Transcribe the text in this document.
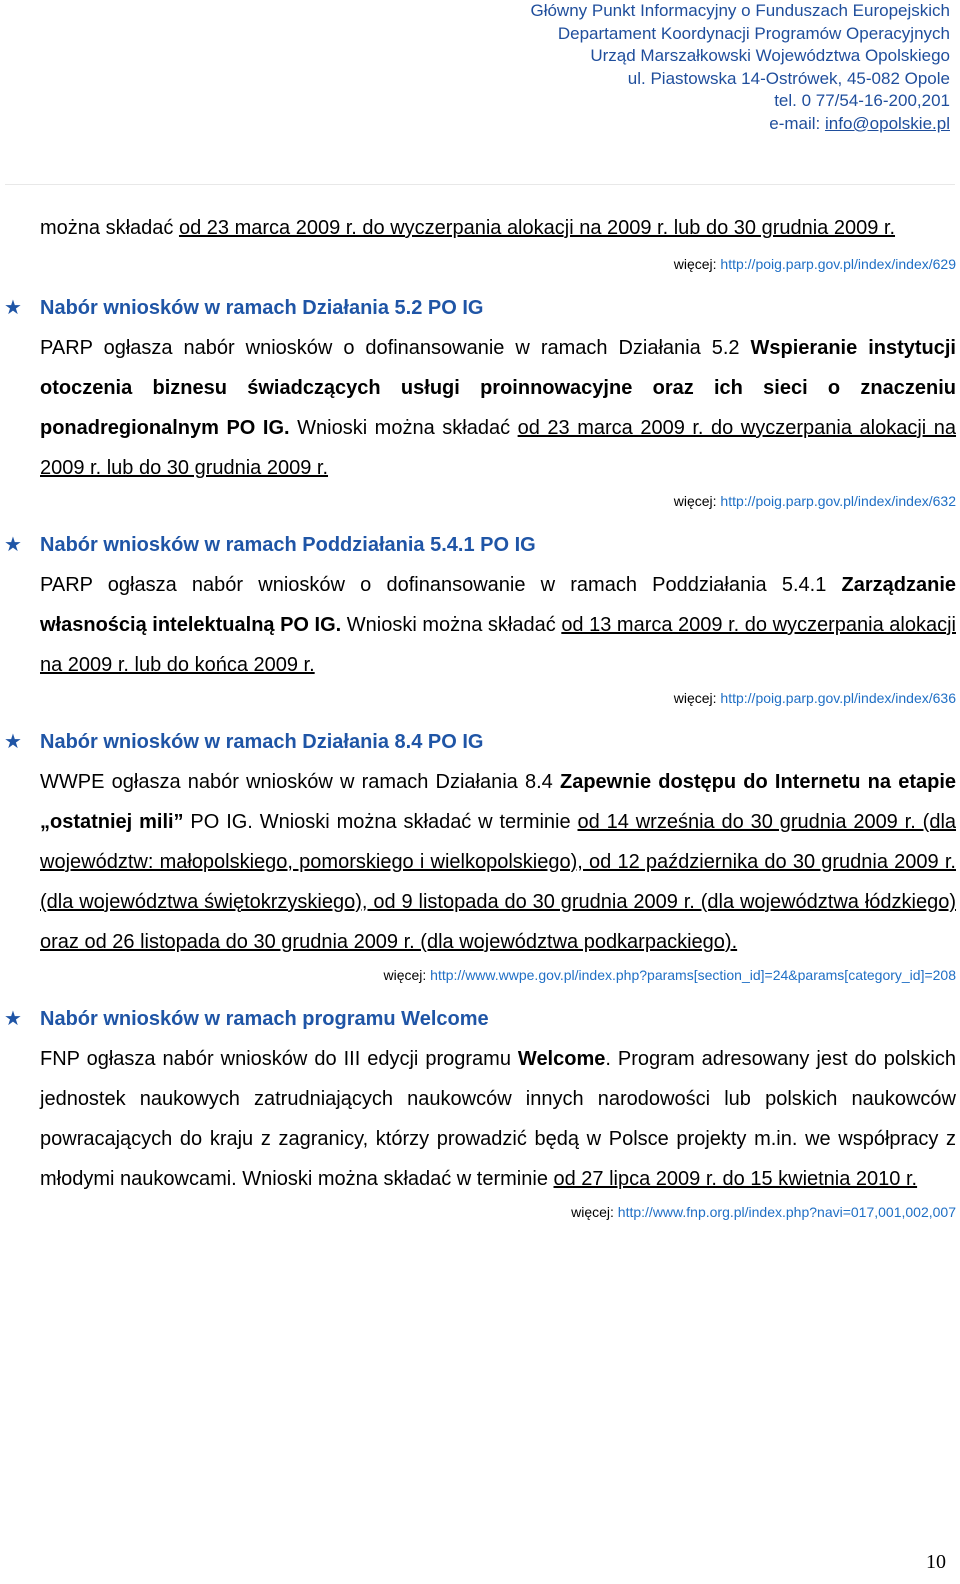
Główny Punkt Informacyjny o Funduszach Europejskich
Departament Koordynacji Programów Operacyjnych
Urząd Marszałkowski Województwa Opolskiego
ul. Piastowska 14-Ostrówek, 45-082 Opole
tel. 0 77/54-16-200,201
e-mail: info@opolskie.pl

można składać od 23 marca 2009 r. do wyczerpania alokacji na 2009 r. lub do 30 grudnia 2009 r.

więcej: http://poig.parp.gov.pl/index/index/629

★ Nabór wniosków w ramach Działania 5.2 PO IG

PARP ogłasza nabór wniosków o dofinansowanie w ramach Działania 5.2 Wspieranie instytucji otoczenia biznesu świadczących usługi proinnowacyjne oraz ich sieci o znaczeniu ponadregionalnym PO IG. Wnioski można składać od 23 marca 2009 r. do wyczerpania alokacji na 2009 r. lub do 30 grudnia 2009 r.

więcej: http://poig.parp.gov.pl/index/index/632

★ Nabór wniosków w ramach Poddziałania 5.4.1 PO IG

PARP ogłasza nabór wniosków o dofinansowanie w ramach Poddziałania 5.4.1 Zarządzanie własnością intelektualną PO IG. Wnioski można składać od 13 marca 2009 r. do wyczerpania alokacji na 2009 r. lub do końca 2009 r.

więcej: http://poig.parp.gov.pl/index/index/636

★ Nabór wniosków w ramach Działania 8.4 PO IG

WWPE ogłasza nabór wniosków w ramach Działania 8.4 Zapewnie dostępu do Internetu na etapie „ostatniej mili” PO IG. Wnioski można składać w terminie od 14 września do 30 grudnia 2009 r. (dla województw: małopolskiego, pomorskiego i wielkopolskiego), od 12 października do 30 grudnia 2009 r. (dla województwa świętokrzyskiego), od 9 listopada do 30 grudnia 2009 r. (dla województwa łódzkiego) oraz od 26 listopada do 30 grudnia 2009 r. (dla województwa podkarpackiego).

więcej: http://www.wwpe.gov.pl/index.php?params[section_id]=24&params[category_id]=208

★ Nabór wniosków w ramach programu Welcome

FNP ogłasza nabór wniosków do III edycji programu Welcome. Program adresowany jest do polskich jednostek naukowych zatrudniających naukowców innych narodowości lub polskich naukowców powracających do kraju z zagranicy, którzy prowadzić będą w Polsce projekty m.in. we współpracy z młodymi naukowcami. Wnioski można składać w terminie od 27 lipca 2009 r. do 15 kwietnia 2010 r.

więcej: http://www.fnp.org.pl/index.php?navi=017,001,002,007

10
